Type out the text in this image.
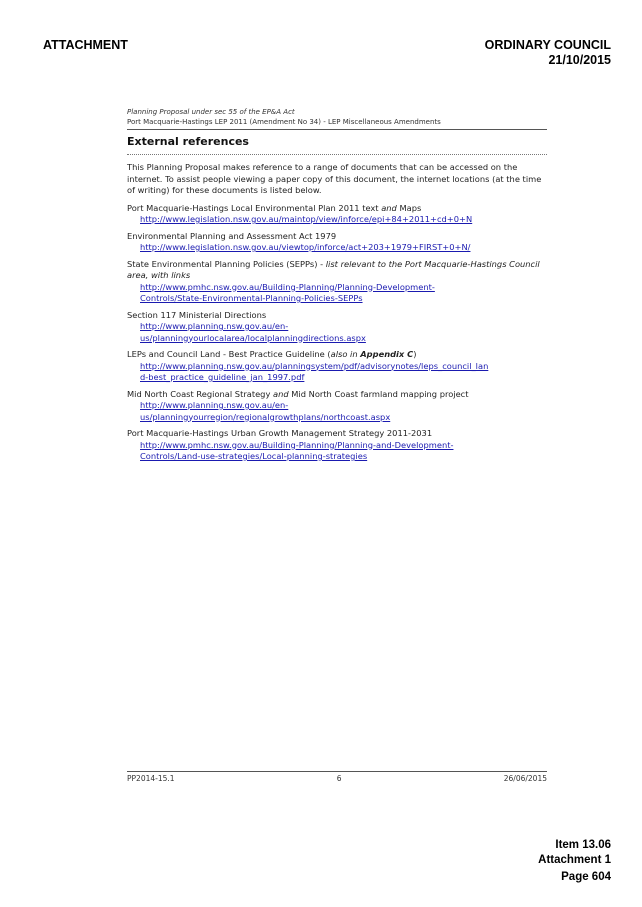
ATTACHMENT	ORDINARY COUNCIL
21/10/2015
Planning Proposal under sec 55 of the EP&A Act
Port Macquarie-Hastings LEP 2011 (Amendment No 34) - LEP Miscellaneous Amendments
External references
This Planning Proposal makes reference to a range of documents that can be accessed on the internet. To assist people viewing a paper copy of this document, the internet locations (at the time of writing) for these documents is listed below.
Port Macquarie-Hastings Local Environmental Plan 2011 text and Maps
http://www.legislation.nsw.gov.au/maintop/view/inforce/epi+84+2011+cd+0+N
Environmental Planning and Assessment Act 1979
http://www.legislation.nsw.gov.au/viewtop/inforce/act+203+1979+FIRST+0+N/
State Environmental Planning Policies (SEPPs) - list relevant to the Port Macquarie-Hastings Council area, with links
http://www.pmhc.nsw.gov.au/Building-Planning/Planning-Development-
Controls/State-Environmental-Planning-Policies-SEPPs
Section 117 Ministerial Directions
http://www.planning.nsw.gov.au/en-
us/planningyourlocalarea/localplanningdirections.aspx
LEPs and Council Land - Best Practice Guideline (also in Appendix C)
http://www.planning.nsw.gov.au/planningsystem/pdf/advisorynotes/leps_council_lan
d-best_practice_guideline_jan_1997.pdf
Mid North Coast Regional Strategy and Mid North Coast farmland mapping project
http://www.planning.nsw.gov.au/en-
us/planningyourregion/regionalgrowthplans/northcoast.aspx
Port Macquarie-Hastings Urban Growth Management Strategy 2011-2031
http://www.pmhc.nsw.gov.au/Building-Planning/Planning-and-Development-
Controls/Land-use-strategies/Local-planning-strategies
PP2014-15.1	6	26/06/2015
Item 13.06
Attachment 1
Page 604
